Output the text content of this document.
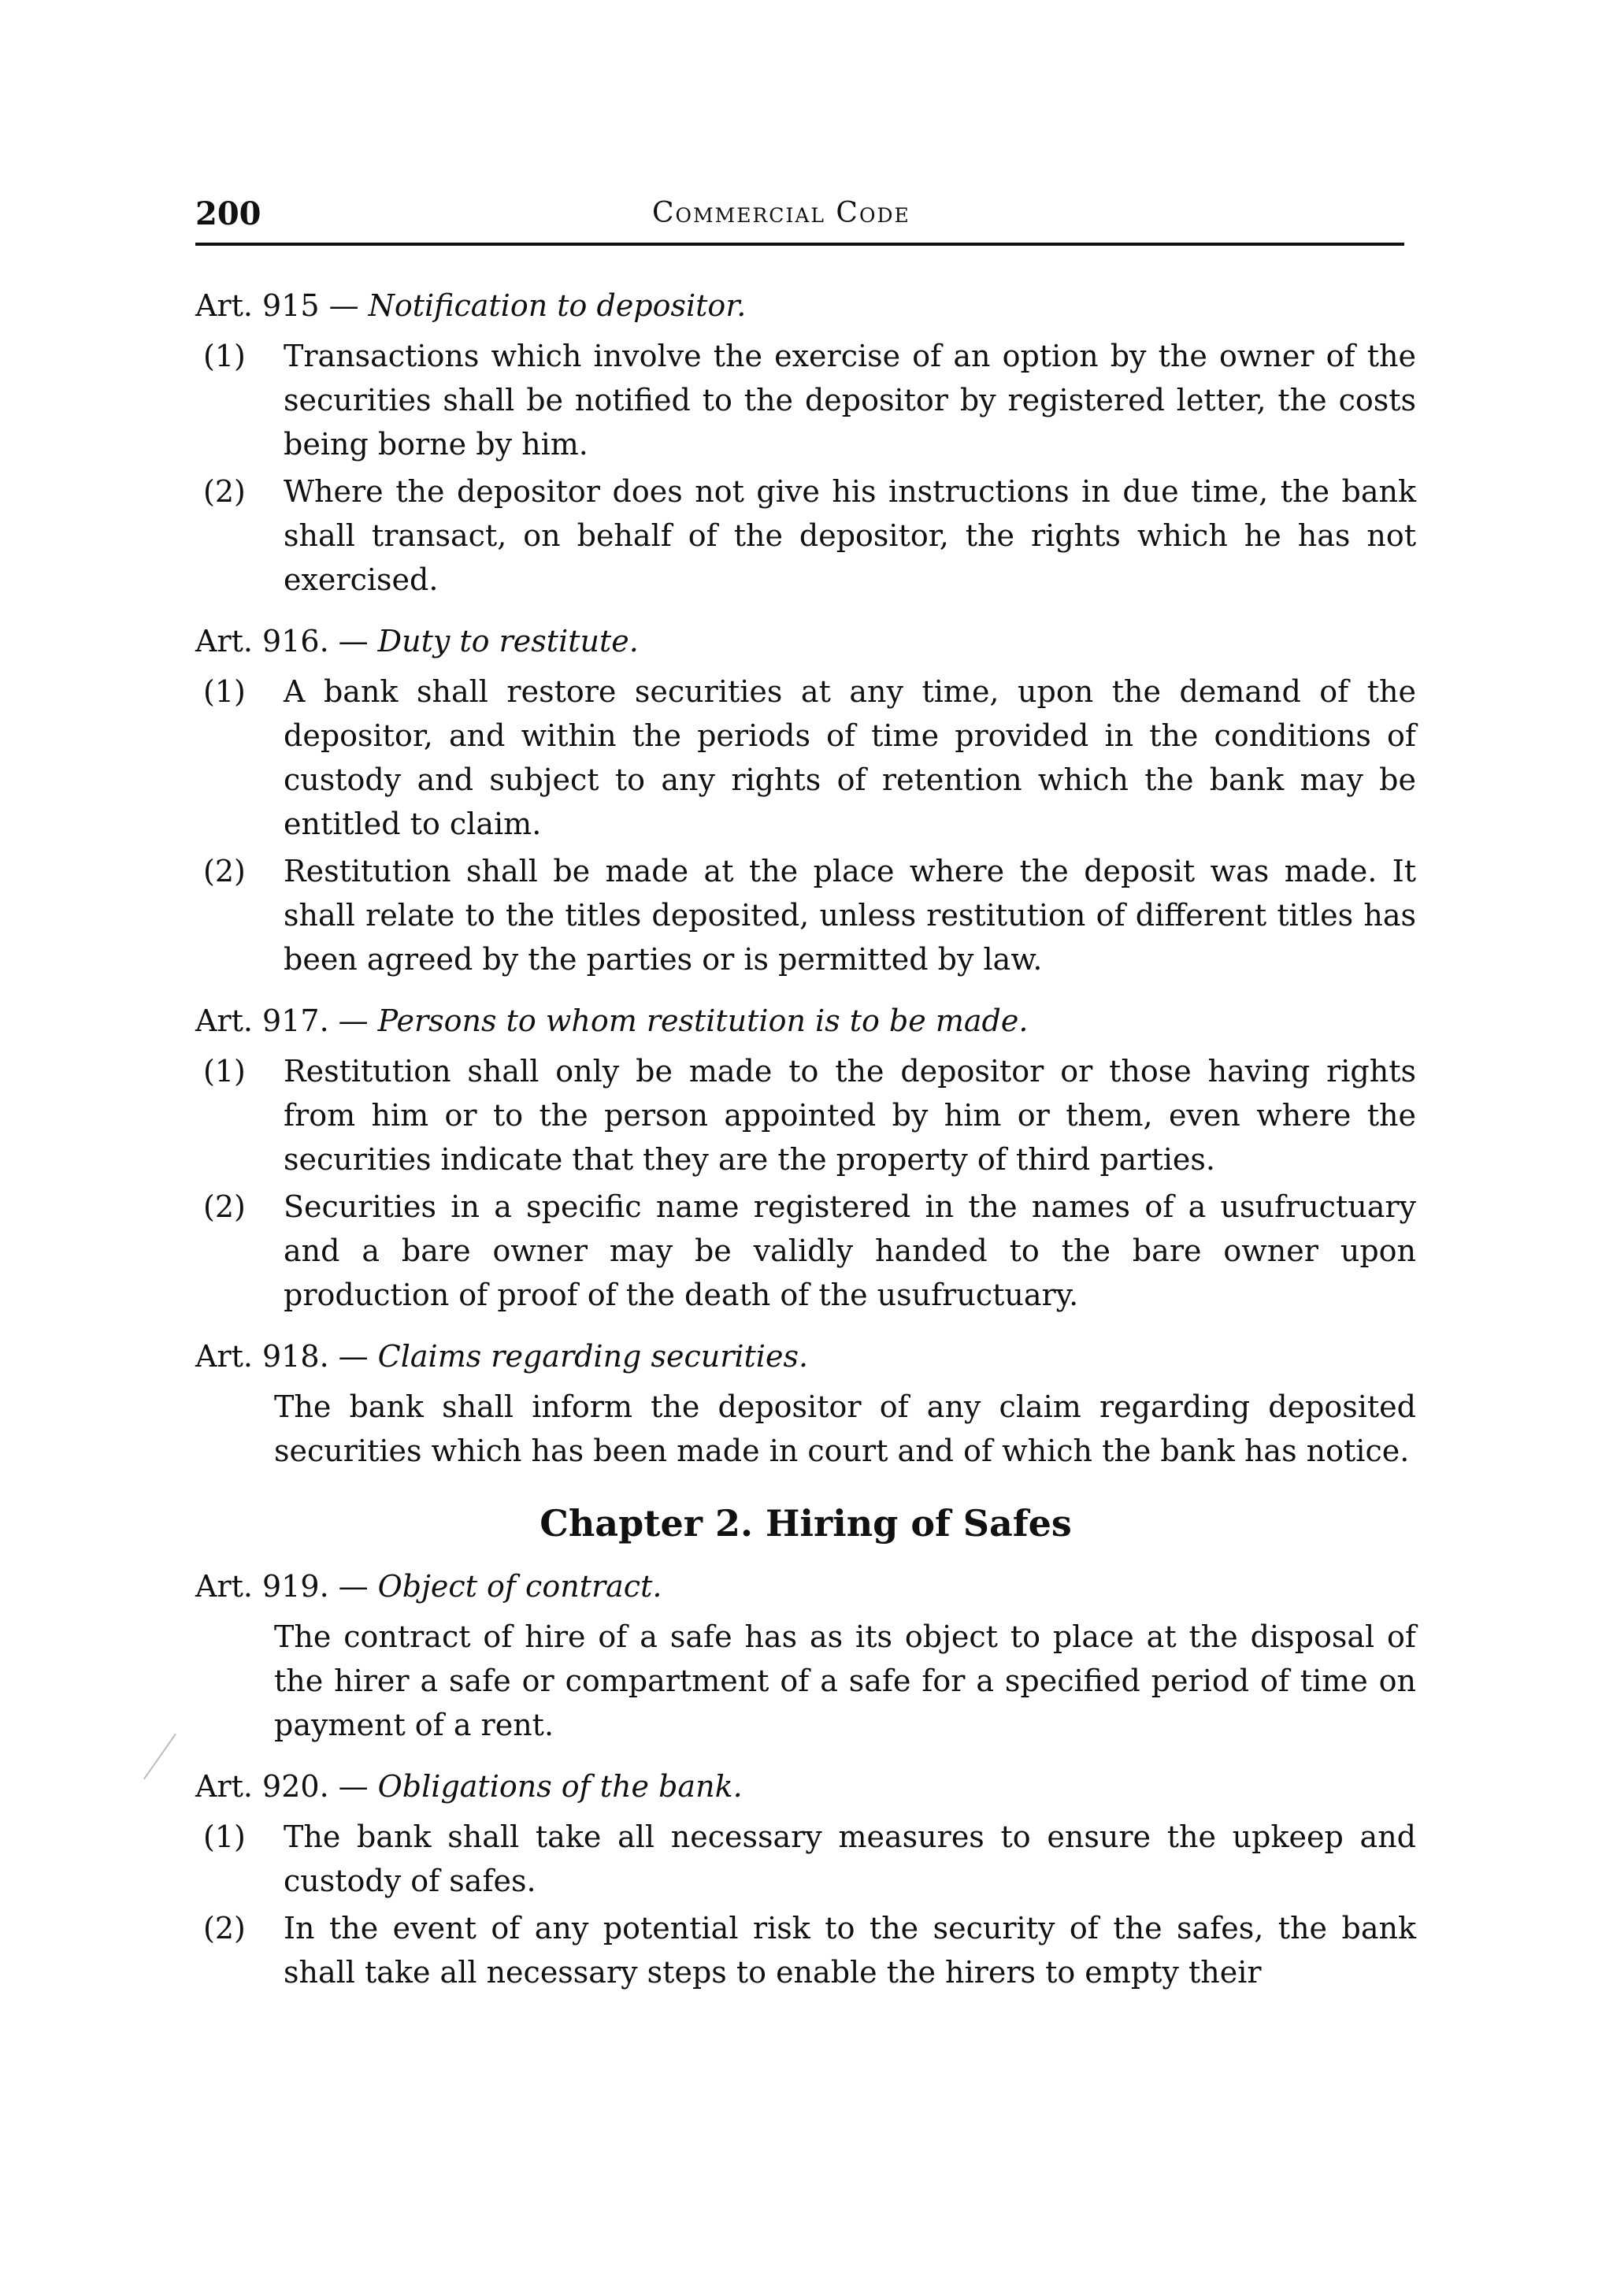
200	Commercial Code
Art. 915 — Notification to depositor.
(1) Transactions which involve the exercise of an option by the owner of the securities shall be notified to the depositor by registered letter, the costs being borne by him.
(2) Where the depositor does not give his instructions in due time, the bank shall transact, on behalf of the depositor, the rights which he has not exercised.
Art. 916. — Duty to restitute.
(1) A bank shall restore securities at any time, upon the demand of the depositor, and within the periods of time provided in the conditions of custody and subject to any rights of retention which the bank may be entitled to claim.
(2) Restitution shall be made at the place where the deposit was made. It shall relate to the titles deposited, unless restitution of different titles has been agreed by the parties or is permitted by law.
Art. 917. — Persons to whom restitution is to be made.
(1) Restitution shall only be made to the depositor or those having rights from him or to the person appointed by him or them, even where the securities indicate that they are the property of third parties.
(2) Securities in a specific name registered in the names of a usufructuary and a bare owner may be validly handed to the bare owner upon production of proof of the death of the usufructuary.
Art. 918. — Claims regarding securities.
The bank shall inform the depositor of any claim regarding deposited securities which has been made in court and of which the bank has notice.
Chapter 2. Hiring of Safes
Art. 919. — Object of contract.
The contract of hire of a safe has as its object to place at the disposal of the hirer a safe or compartment of a safe for a specified period of time on payment of a rent.
Art. 920. — Obligations of the bank.
(1) The bank shall take all necessary measures to ensure the upkeep and custody of safes.
(2) In the event of any potential risk to the security of the safes, the bank shall take all necessary steps to enable the hirers to empty their
